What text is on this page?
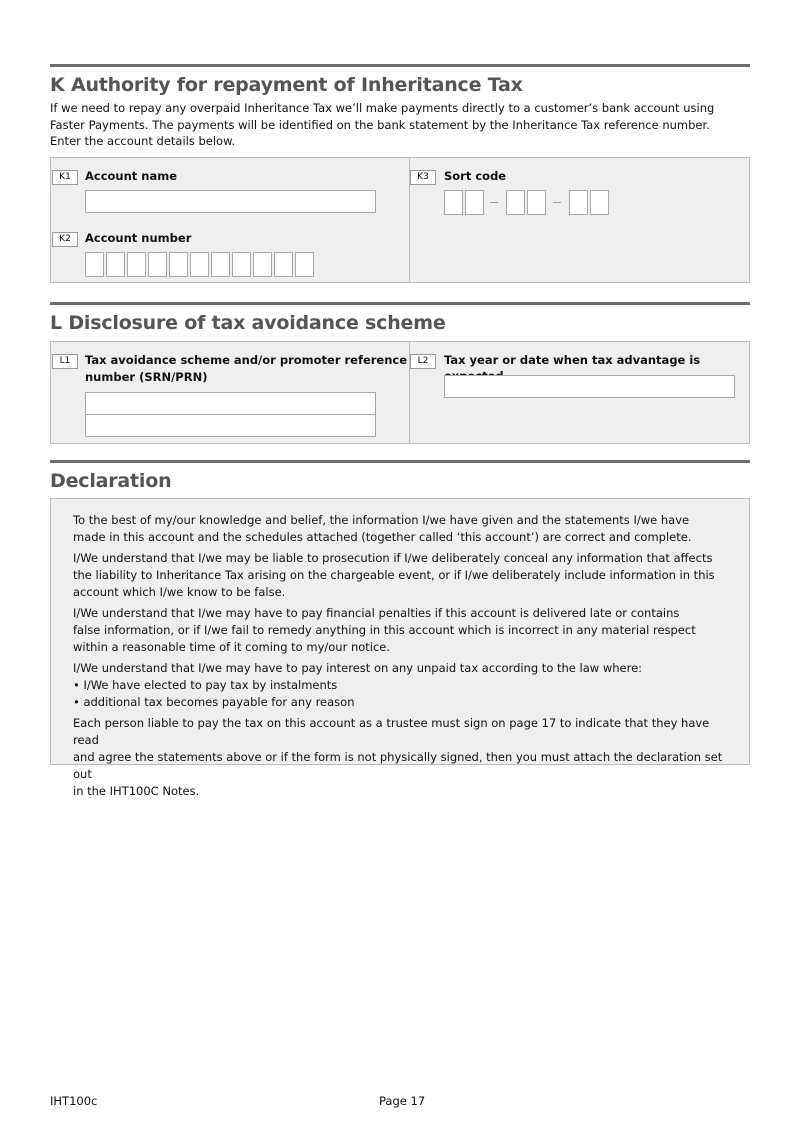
K Authority for repayment of Inheritance Tax
If we need to repay any overpaid Inheritance Tax we’ll make payments directly to a customer’s bank account using
Faster Payments. The payments will be identified on the bank statement by the Inheritance Tax reference number.
Enter the account details below.
K1	Account name
K2	Account number
K3	Sort code
L Disclosure of tax avoidance scheme
L1	Tax avoidance scheme and/or promoter reference
number (SRN/PRN)
L2	Tax year or date when tax advantage is
Declaration

To the best of my/our knowledge and belief, the information I/we have given and the statements I/we have
made in this account and the schedules attached (together called ‘this account’) are correct and complete.

I/We understand that I/we may be liable to prosecution if I/we deliberately conceal any information that affects
the liability to Inheritance Tax arising on the chargeable event, or if I/we deliberately include information in this
account which I/we know to be false.

I/We understand that I/we may have to pay financial penalties if this account is delivered late or contains
false information, or if I/we fail to remedy anything in this account which is incorrect in any material respect
within a reasonable time of it coming to my/our notice.

I/We understand that I/we may have to pay interest on any unpaid tax according to the law where:
• I/We have elected to pay tax by instalments
• additional tax becomes payable for any reason

Each person liable to pay the tax on this account as a trustee must sign on page 17 to indicate that they have read
and agree the statements above or if the form is not physically signed, then you must attach the declaration set out
in the IHT100C Notes.

IHT100c	Page 17
